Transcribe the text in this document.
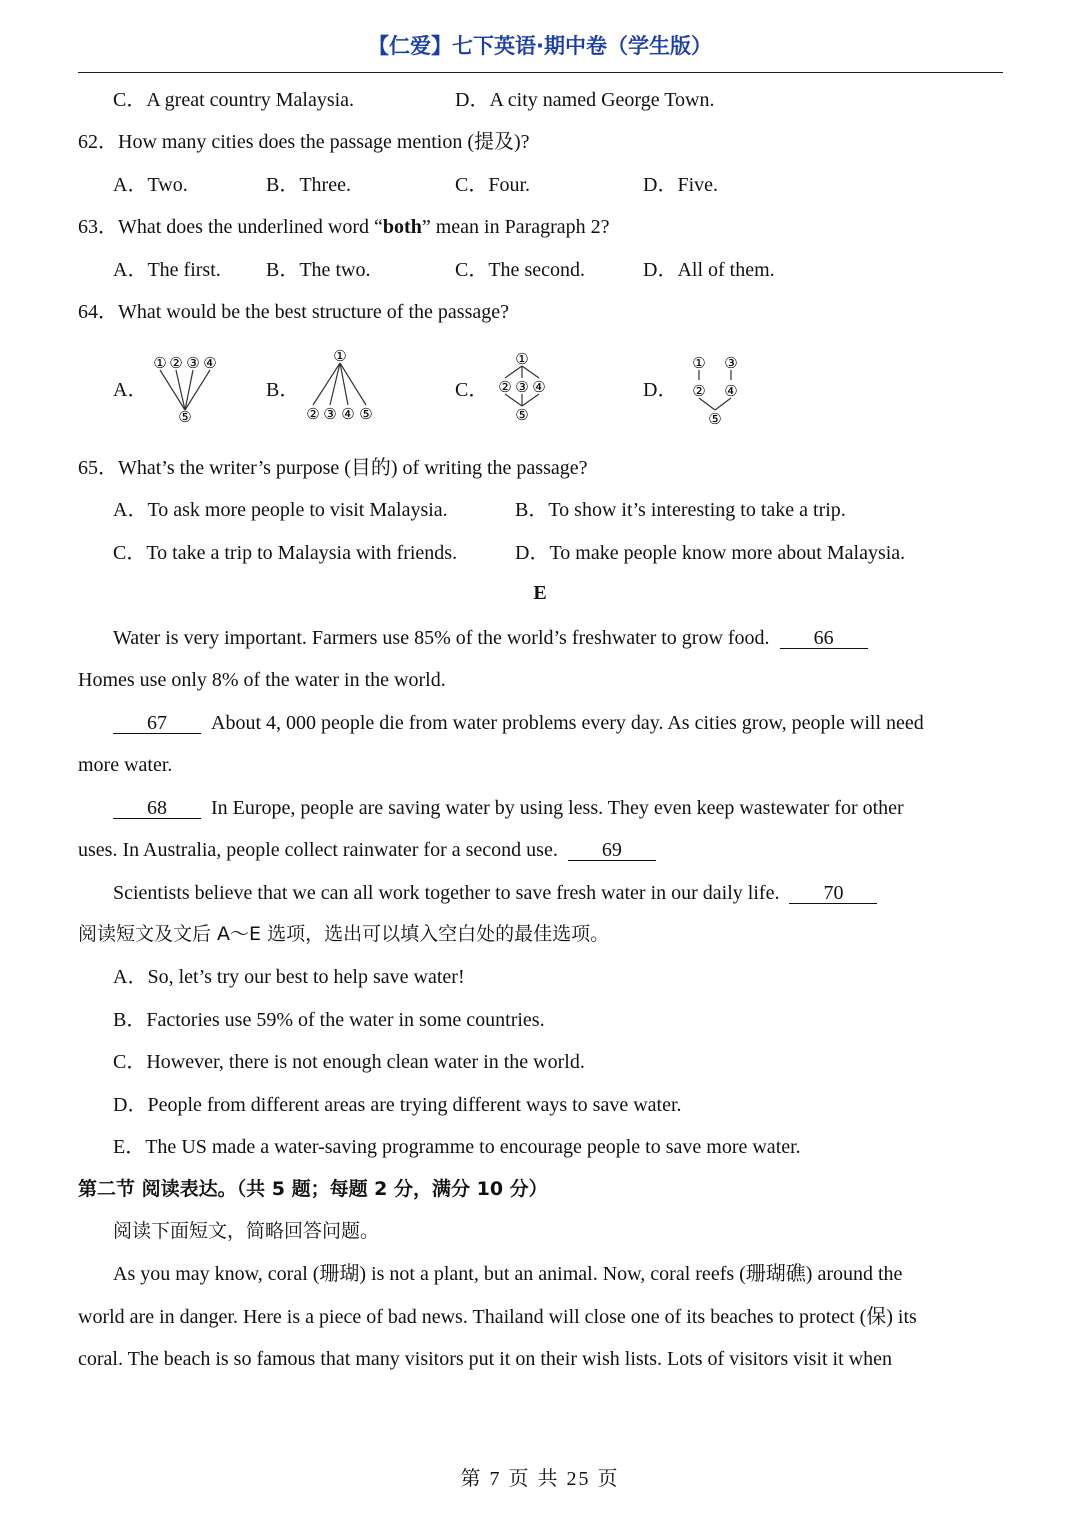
【仁爱】七下英语·期中卷（学生版）
C．A great country Malaysia.	D．A city named George Town.
62．How many cities does the passage mention (提及)?
A．Two.	B．Three.	C．Four.	D．Five.
63．What does the underlined word “both” mean in Paragraph 2?
A．The first. B．The two.	C．The second.	D．All of them.
64．What would be the best structure of the passage?
A．	B．	C．	D．
① ② ③ ④
⑤
①
② ③ ④ ⑤
①
② ③ ④
⑤
① ③
② ④
⑤
65．What’s the writer’s purpose (目的) of writing the passage?
A．To ask more people to visit Malaysia.	B．To show it’s interesting to take a trip.
C．To take a trip to Malaysia with friends.	D．To make people know more about Malaysia.
E
Water is very important. Farmers use 85% of the world’s freshwater to grow food. 66
Homes use only 8% of the water in the world.
67 About 4, 000 people die from water problems every day. As cities grow, people will need
more water.
68 In Europe, people are saving water by using less. They even keep wastewater for other
uses. In Australia, people collect rainwater for a second use. 69
Scientists believe that we can all work together to save fresh water in our daily life. 70
阅读短文及文后 A～E 选项，选出可以填入空白处的最佳选项。
A．So, let’s try our best to help save water!
B．Factories use 59% of the water in some countries.
C．However, there is not enough clean water in the world.
D．People from different areas are trying different ways to save water.
E．The US made a water-saving programme to encourage people to save more water.
第二节 阅读表达。（共 5 题；每题 2 分，满分 10 分）
阅读下面短文，简略回答问题。
As you may know, coral (珊瑚) is not a plant, but an animal. Now, coral reefs (珊瑚礁) around the
world are in danger. Here is a piece of bad news. Thailand will close one of its beaches to protect (保) its
coral. The beach is so famous that many visitors put it on their wish lists. Lots of visitors visit it when
第 7 页 共 25 页
